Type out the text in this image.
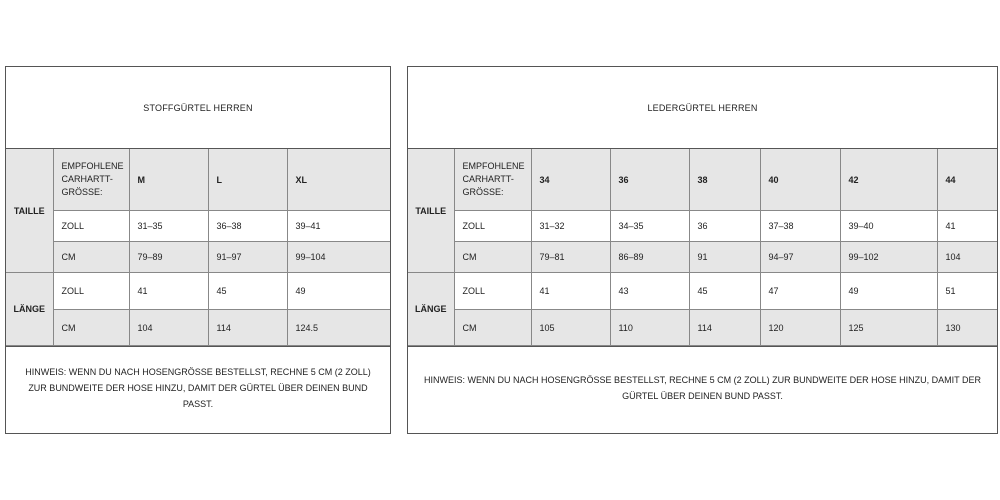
STOFFGÜRTEL HERREN
TAILLE	EMPFOHLENE CARHARTT-GRÖSSE:	M	L	XL
	ZOLL	31–35	36–38	39–41
	CM	79–89	91–97	99–104
LÄNGE	ZOLL	41	45	49
	CM	104	114	124.5
HINWEIS: WENN DU NACH HOSENGRÖSSE BESTELLST, RECHNE 5 CM (2 ZOLL) ZUR BUNDWEITE DER HOSE HINZU, DAMIT DER GÜRTEL ÜBER DEINEN BUND PASST.
LEDERGÜRTEL HERREN
TAILLE	EMPFOHLENE CARHARTT-GRÖSSE:	34	36	38	40	42	44
	ZOLL	31–32	34–35	36	37–38	39–40	41
	CM	79–81	86–89	91	94–97	99–102	104
LÄNGE	ZOLL	41	43	45	47	49	51
	CM	105	110	114	120	125	130
HINWEIS: WENN DU NACH HOSENGRÖSSE BESTELLST, RECHNE 5 CM (2 ZOLL) ZUR BUNDWEITE DER HOSE HINZU, DAMIT DER GÜRTEL ÜBER DEINEN BUND PASST.
